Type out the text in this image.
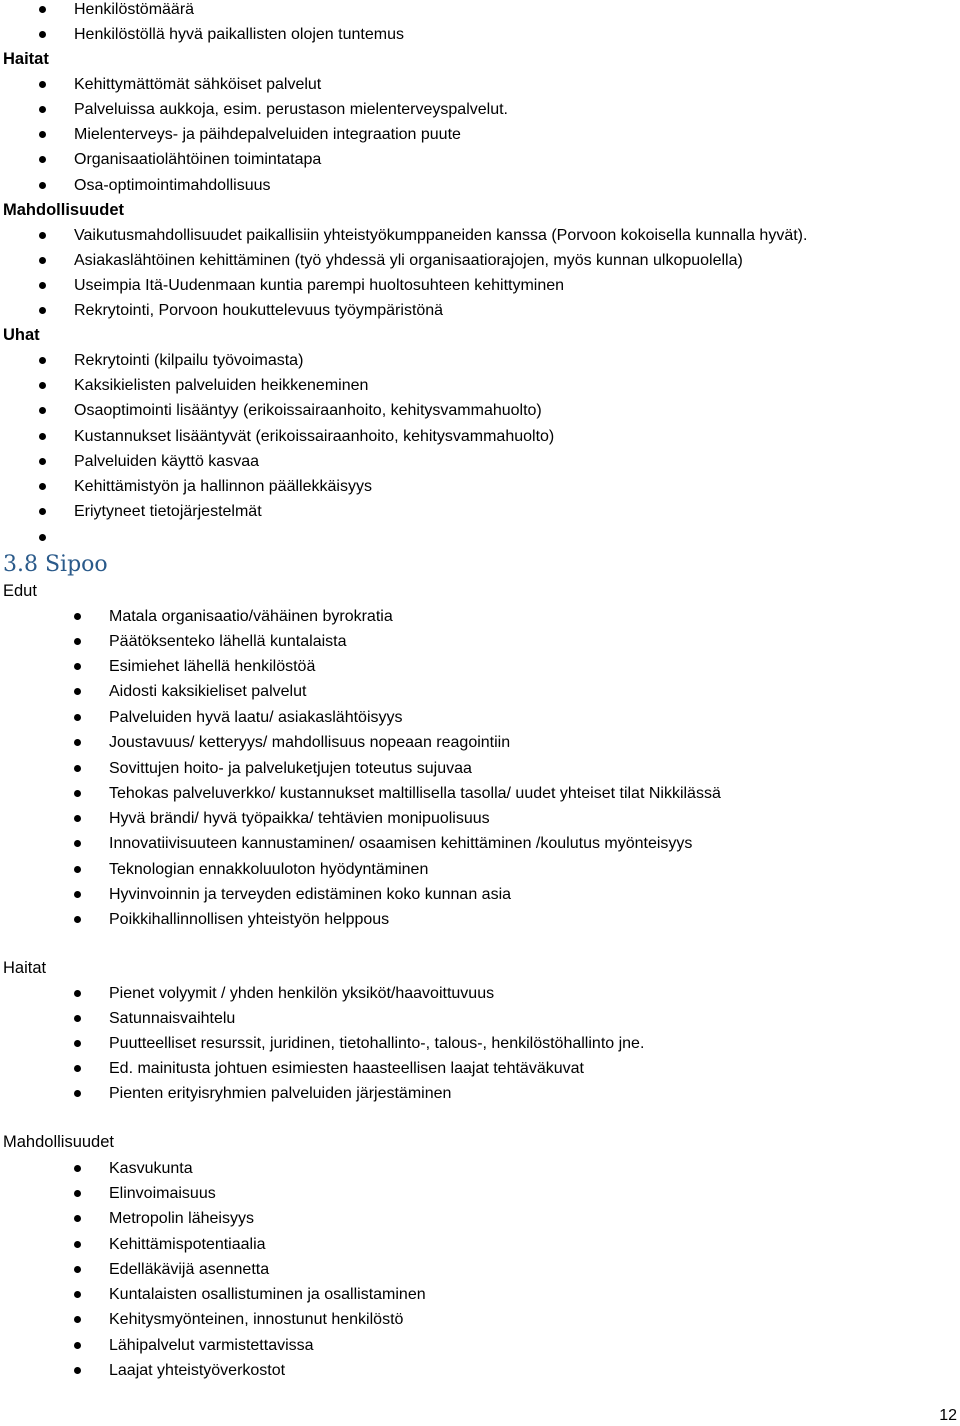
Henkilöstömäärä
Henkilöstöllä hyvä paikallisten olojen tuntemus
Haitat
Kehittymättömät sähköiset palvelut
Palveluissa aukkoja, esim. perustason mielenterveyspalvelut.
Mielenterveys- ja päihdepalveluiden integraation puute
Organisaatiolähtöinen toimintatapa
Osa-optimointimahdollisuus
Mahdollisuudet
Vaikutusmahdollisuudet paikallisiin yhteistyökumppaneiden kanssa (Porvoon kokoisella kunnalla hyvät).
Asiakaslähtöinen kehittäminen (työ yhdessä yli organisaatiorajojen, myös kunnan ulkopuolella)
Useimpia Itä-Uudenmaan kuntia parempi huoltosuhteen kehittyminen
Rekrytointi, Porvoon houkuttelevuus työympäristönä
Uhat
Rekrytointi (kilpailu työvoimasta)
Kaksikielisten palveluiden heikkeneminen
Osaoptimointi lisääntyy (erikoissairaanhoito, kehitysvammahuolto)
Kustannukset lisääntyvät (erikoissairaanhoito, kehitysvammahuolto)
Palveluiden käyttö kasvaa
Kehittämistyön ja hallinnon päällekkäisyys
Eriytyneet tietojärjestelmät
3.8 Sipoo
Edut
Matala organisaatio/vähäinen byrokratia
Päätöksenteko lähellä kuntalaista
Esimiehet lähellä henkilöstöä
Aidosti kaksikieliset palvelut
Palveluiden hyvä laatu/ asiakaslähtöisyys
Joustavuus/ ketteryys/ mahdollisuus nopeaan reagointiin
Sovittujen hoito- ja palveluketjujen toteutus sujuvaa
Tehokas palveluverkko/ kustannukset maltillisella tasolla/ uudet yhteiset tilat Nikkilässä
Hyvä brändi/ hyvä työpaikka/ tehtävien monipuolisuus
Innovatiivisuuteen kannustaminen/ osaamisen kehittäminen /koulutus myönteisyys
Teknologian ennakkoluuloton hyödyntäminen
Hyvinvoinnin ja terveyden edistäminen koko kunnan asia
Poikkihallinnollisen yhteistyön helppous
Haitat
Pienet volyymit / yhden henkilön yksiköt/haavoittuvuus
Satunnaisvaihtelu
Puutteelliset resurssit, juridinen, tietohallinto-, talous-, henkilöstöhallinto jne.
Ed. mainitusta johtuen esimiesten haasteellisen laajat tehtäväkuvat
Pienten erityisryhmien palveluiden järjestäminen
Mahdollisuudet
Kasvukunta
Elinvoimaisuus
Metropolin läheisyys
Kehittämispotentiaalia
Edelläkävijä asennetta
Kuntalaisten osallistuminen ja osallistaminen
Kehitysmyönteinen, innostunut henkilöstö
Lähipalvelut varmistettavissa
Laajat yhteistyöverkostot
12
